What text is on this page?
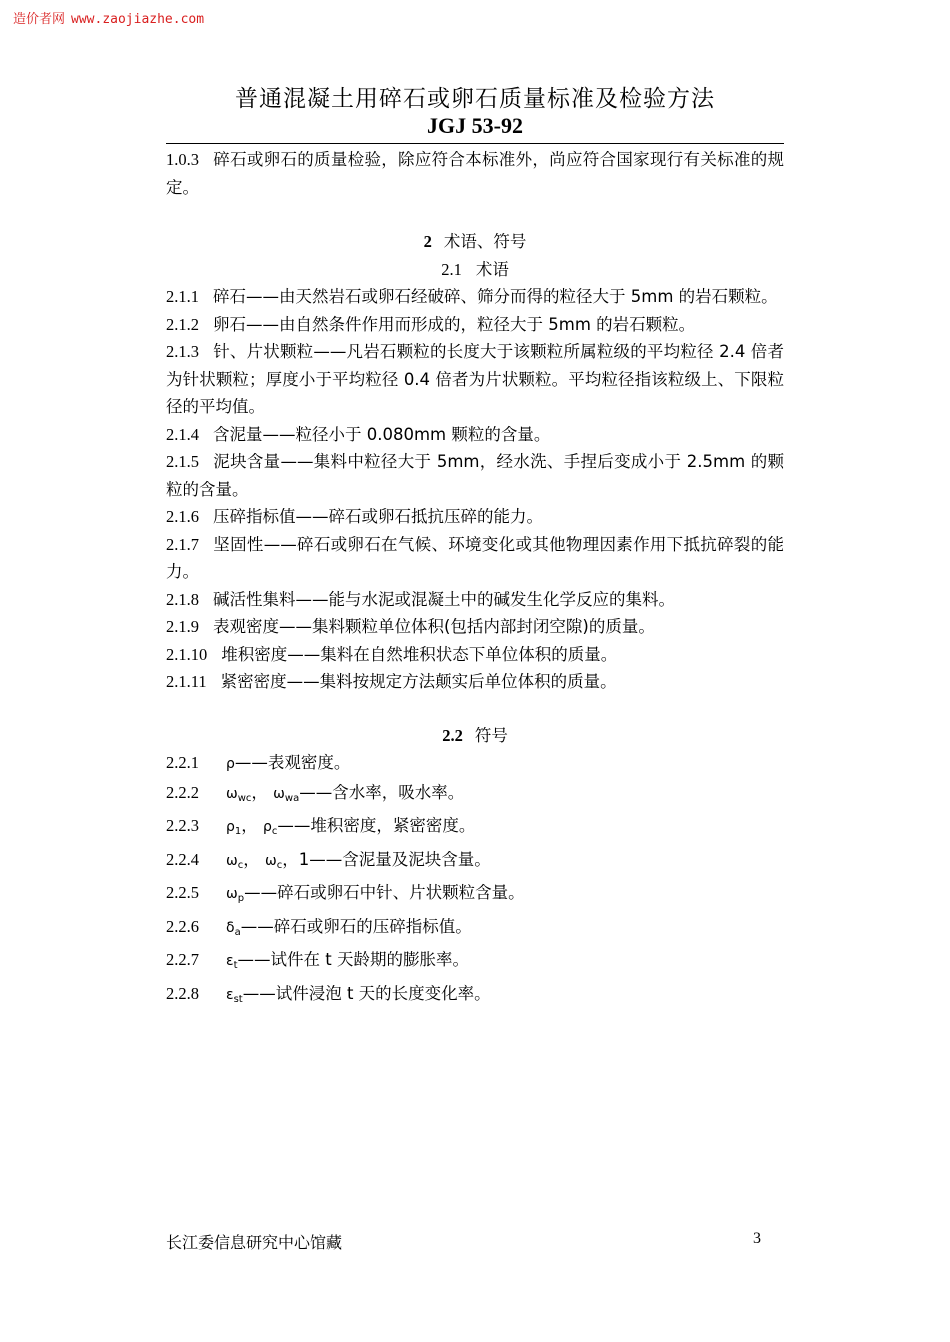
造价者网 www.zaojiazhe.com
普通混凝土用碎石或卵石质量标准及检验方法
JGJ 53-92

1.0.3 碎石或卵石的质量检验，除应符合本标准外，尚应符合国家现行有关标准的规定。

2 术语、符号

2.1 术语

2.1.1 碎石——由天然岩石或卵石经破碎、筛分而得的粒径大于 5mm 的岩石颗粒。

2.1.2 卵石——由自然条件作用而形成的，粒径大于 5mm 的岩石颗粒。

2.1.3 针、片状颗粒——凡岩石颗粒的长度大于该颗粒所属粒级的平均粒径 2.4 倍者为针状颗粒；厚度小于平均粒径 0.4 倍者为片状颗粒。平均粒径指该粒级上、下限粒径的平均值。

2.1.4 含泥量——粒径小于 0.080mm 颗粒的含量。

2.1.5 泥块含量——集料中粒径大于 5mm，经水洗、手捏后变成小于 2.5mm 的颗粒的含量。

2.1.6 压碎指标值——碎石或卵石抵抗压碎的能力。

2.1.7 坚固性——碎石或卵石在气候、环境变化或其他物理因素作用下抵抗碎裂的能力。

2.1.8 碱活性集料——能与水泥或混凝土中的碱发生化学反应的集料。

2.1.9 表观密度——集料颗粒单位体积(包括内部封闭空隙)的质量。

2.1.10 堆积密度——集料在自然堆积状态下单位体积的质量。

2.1.11 紧密密度——集料按规定方法颠实后单位体积的质量。

2.2 符号

2.2.1 ρ——表观密度。

2.2.2 $\omega_{wc}$， $\omega_{wa}——$含水率，吸水率。

2.2.3 $\rho_1$， $\rho_c——$堆积密度，紧密密度。

2.2.4 $\omega_c$， $\omega_c$，1——含泥量及泥块含量。

2.2.5 $\omega_p——$碎石或卵石中针、片状颗粒含量。

2.2.6 $\delta_a——$碎石或卵石的压碎指标值。

2.2.7 $\varepsilon_t——$试件在 t 天龄期的膨胀率。

2.2.8 $\varepsilon_{st}——$试件浸泡 t 天的长度变化率。

长江委信息研究中心馆藏	3
